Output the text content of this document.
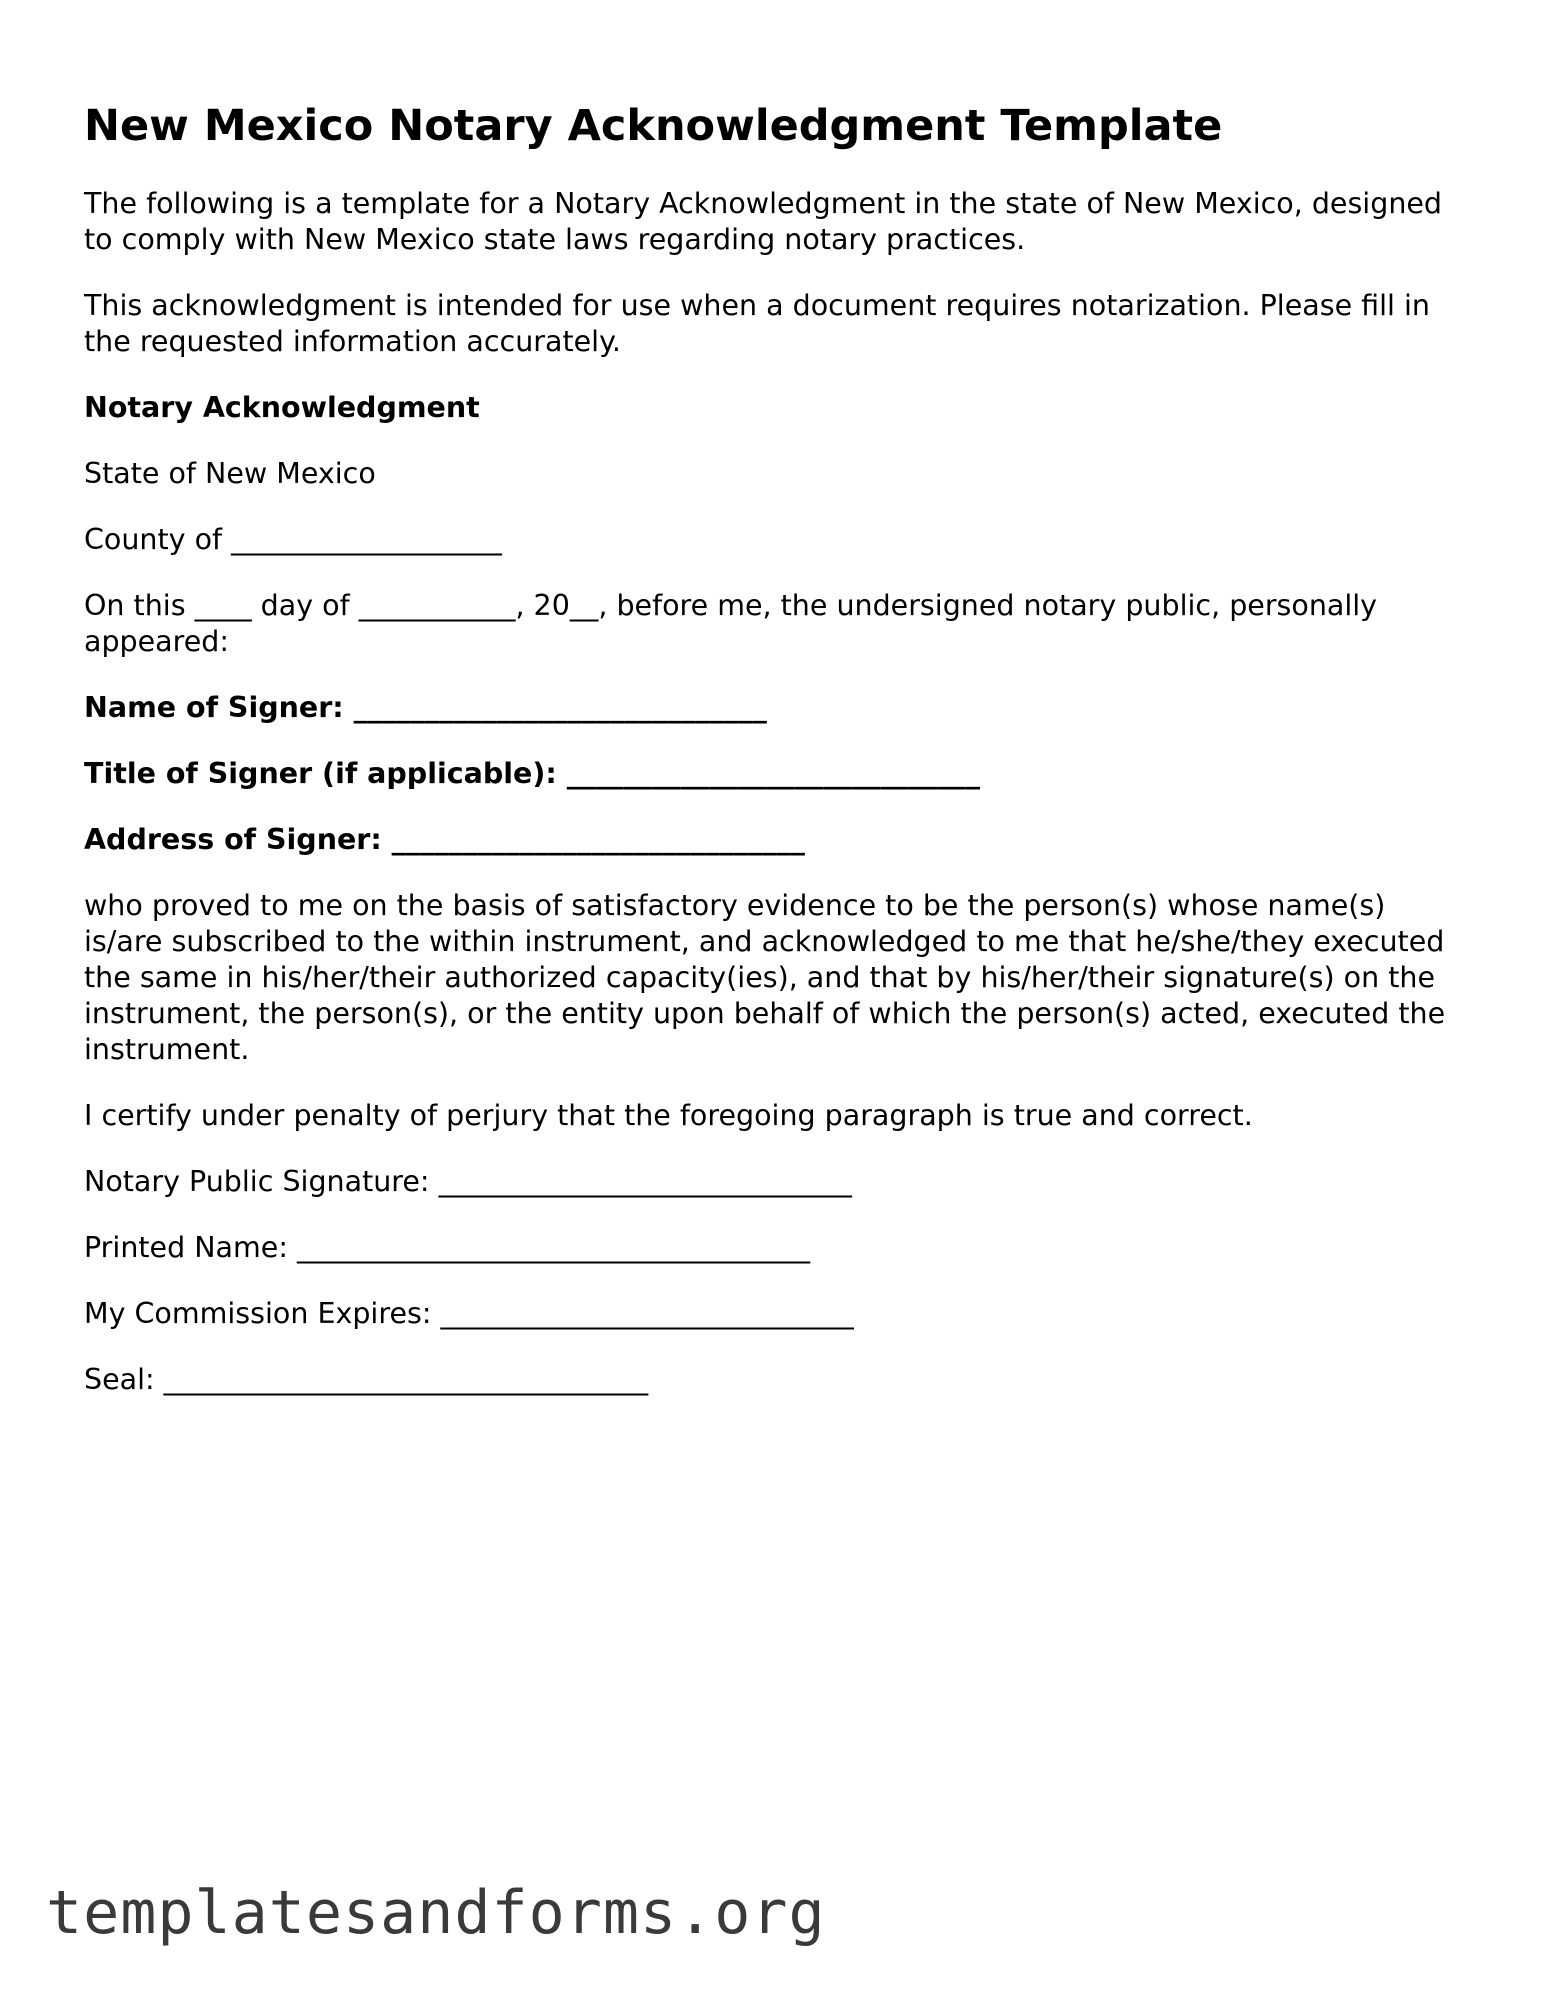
New Mexico Notary Acknowledgment Template

The following is a template for a Notary Acknowledgment in the state of New Mexico, designed to comply with New Mexico state laws regarding notary practices.

This acknowledgment is intended for use when a document requires notarization. Please fill in the requested information accurately.

Notary Acknowledgment

State of New Mexico

County of ___________________

On this ____ day of ___________, 20__, before me, the undersigned notary public, personally appeared:

Name of Signer: _____________________________

Title of Signer (if applicable): _____________________________

Address of Signer: _____________________________

who proved to me on the basis of satisfactory evidence to be the person(s) whose name(s) is/are subscribed to the within instrument, and acknowledged to me that he/she/they executed the same in his/her/their authorized capacity(ies), and that by his/her/their signature(s) on the instrument, the person(s), or the entity upon behalf of which the person(s) acted, executed the instrument.

I certify under penalty of perjury that the foregoing paragraph is true and correct.

Notary Public Signature: _____________________________

Printed Name: ____________________________________

My Commission Expires: _____________________________

Seal: __________________________________

templatesandforms.org
